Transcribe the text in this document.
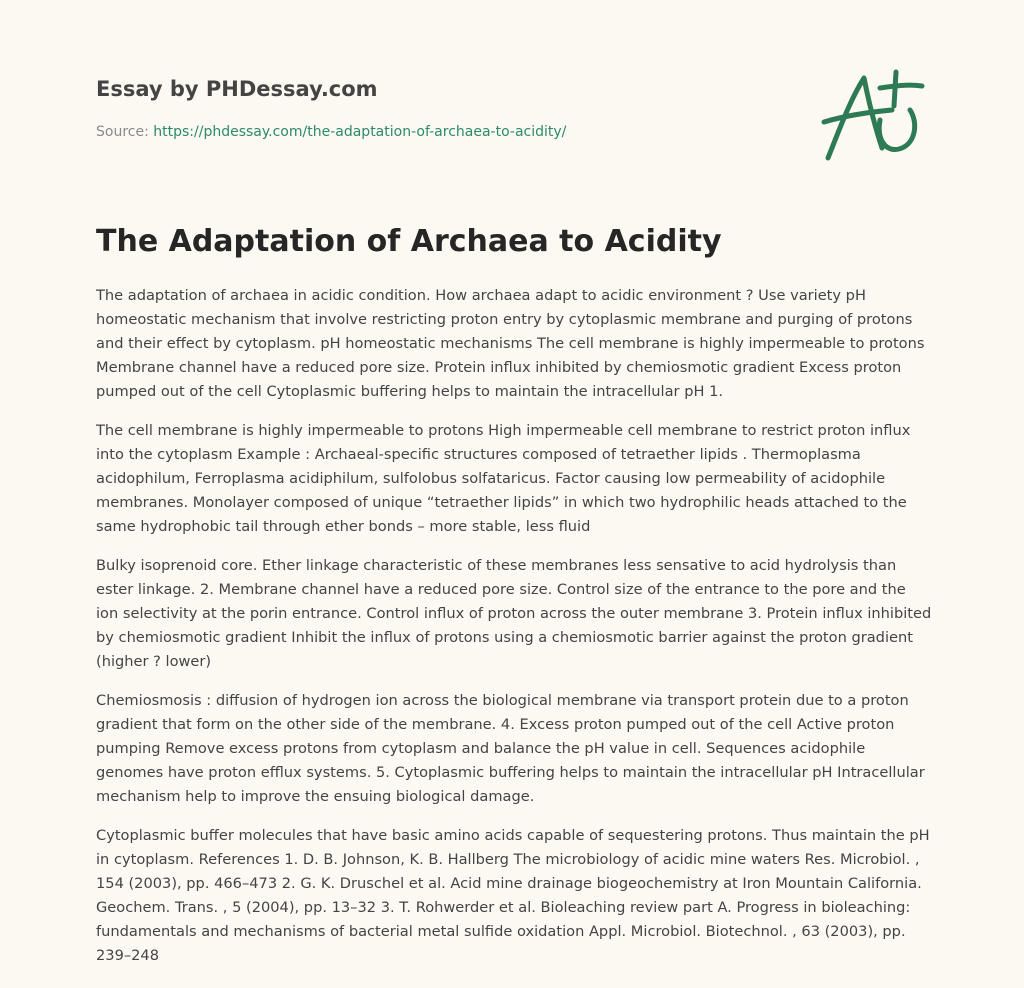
Essay by PHDessay.com
Source: https://phdessay.com/the-adaptation-of-archaea-to-acidity/
The Adaptation of Archaea to Acidity

The adaptation of archaea in acidic condition. How archaea adapt to acidic environment ? Use variety pH homeostatic mechanism that involve restricting proton entry by cytoplasmic membrane and purging of protons and their effect by cytoplasm. pH homeostatic mechanisms The cell membrane is highly impermeable to protons Membrane channel have a reduced pore size. Protein influx inhibited by chemiosmotic gradient Excess proton pumped out of the cell Cytoplasmic buffering helps to maintain the intracellular pH 1.

The cell membrane is highly impermeable to protons High impermeable cell membrane to restrict proton influx into the cytoplasm Example : Archaeal-specific structures composed of tetraether lipids . Thermoplasma acidophilum, Ferroplasma acidiphilum, sulfolobus solfataricus. Factor causing low permeability of acidophile membranes. Monolayer composed of unique “tetraether lipids” in which two hydrophilic heads attached to the same hydrophobic tail through ether bonds – more stable, less fluid

Bulky isoprenoid core. Ether linkage characteristic of these membranes less sensative to acid hydrolysis than ester linkage. 2. Membrane channel have a reduced pore size. Control size of the entrance to the pore and the ion selectivity at the porin entrance. Control influx of proton across the outer membrane 3. Protein influx inhibited by chemiosmotic gradient Inhibit the influx of protons using a chemiosmotic barrier against the proton gradient (higher ? lower)

Chemiosmosis : diffusion of hydrogen ion across the biological membrane via transport protein due to a proton gradient that form on the other side of the membrane. 4. Excess proton pumped out of the cell Active proton pumping Remove excess protons from cytoplasm and balance the pH value in cell. Sequences acidophile genomes have proton efflux systems. 5. Cytoplasmic buffering helps to maintain the intracellular pH Intracellular mechanism help to improve the ensuing biological damage.

Cytoplasmic buffer molecules that have basic amino acids capable of sequestering protons. Thus maintain the pH in cytoplasm. References 1. D. B. Johnson, K. B. Hallberg The microbiology of acidic mine waters Res. Microbiol. , 154 (2003), pp. 466–473 2. G. K. Druschel et al. Acid mine drainage biogeochemistry at Iron Mountain California. Geochem. Trans. , 5 (2004), pp. 13–32 3. T. Rohwerder et al. Bioleaching review part A. Progress in bioleaching: fundamentals and mechanisms of bacterial metal sulfide oxidation Appl. Microbiol. Biotechnol. , 63 (2003), pp. 239–248
